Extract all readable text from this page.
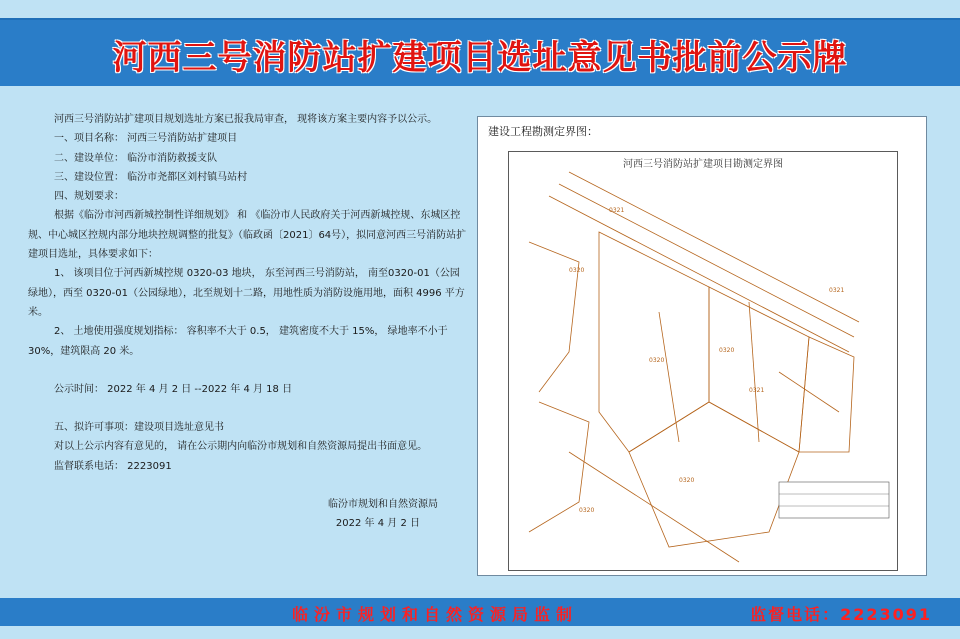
河西三号消防站扩建项目选址意见书批前公示牌

河西三号消防站扩建项目规划选址方案已报我局审查， 现将该方案主要内容予以公示。

一、项目名称： 河西三号消防站扩建项目

二、建设单位： 临汾市消防救援支队

三、建设位置： 临汾市尧都区刘村镇马站村

四、规划要求：

根据《临汾市河西新城控制性详细规划》 和 《临汾市人民政府关于河西新城控规、东城区控规、中心城区控规内部分地块控规调整的批复》（临政函〔2021〕64号），拟同意河西三号消防站扩建项目选址，具体要求如下：

1、 该项目位于河西新城控规 0320-03 地块， 东至河西三号消防站， 南至0320-01（公园绿地），西至 0320-01（公园绿地），北至规划十二路，用地性质为消防设施用地，面积 4996 平方米。

2、 土地使用强度规划指标： 容积率不大于 0.5， 建筑密度不大于 15%， 绿地率不小于 30%，建筑限高 20 米。

公示时间： 2022 年 4 月 2 日 --2022 年 4 月 18 日

五、拟许可事项：建设项目选址意见书

对以上公示内容有意见的， 请在公示期内向临汾市规划和自然资源局提出书面意见。

监督联系电话： 2223091

临汾市规划和自然资源局

2022 年 4 月 2 日

建设工程勘测定界图：
河西三号消防站扩建项目勘测定界图
0321
0320
0320
0320
0321
0320
0320
0321
临汾市规划和自然资源局监制	监督电话：2223091
